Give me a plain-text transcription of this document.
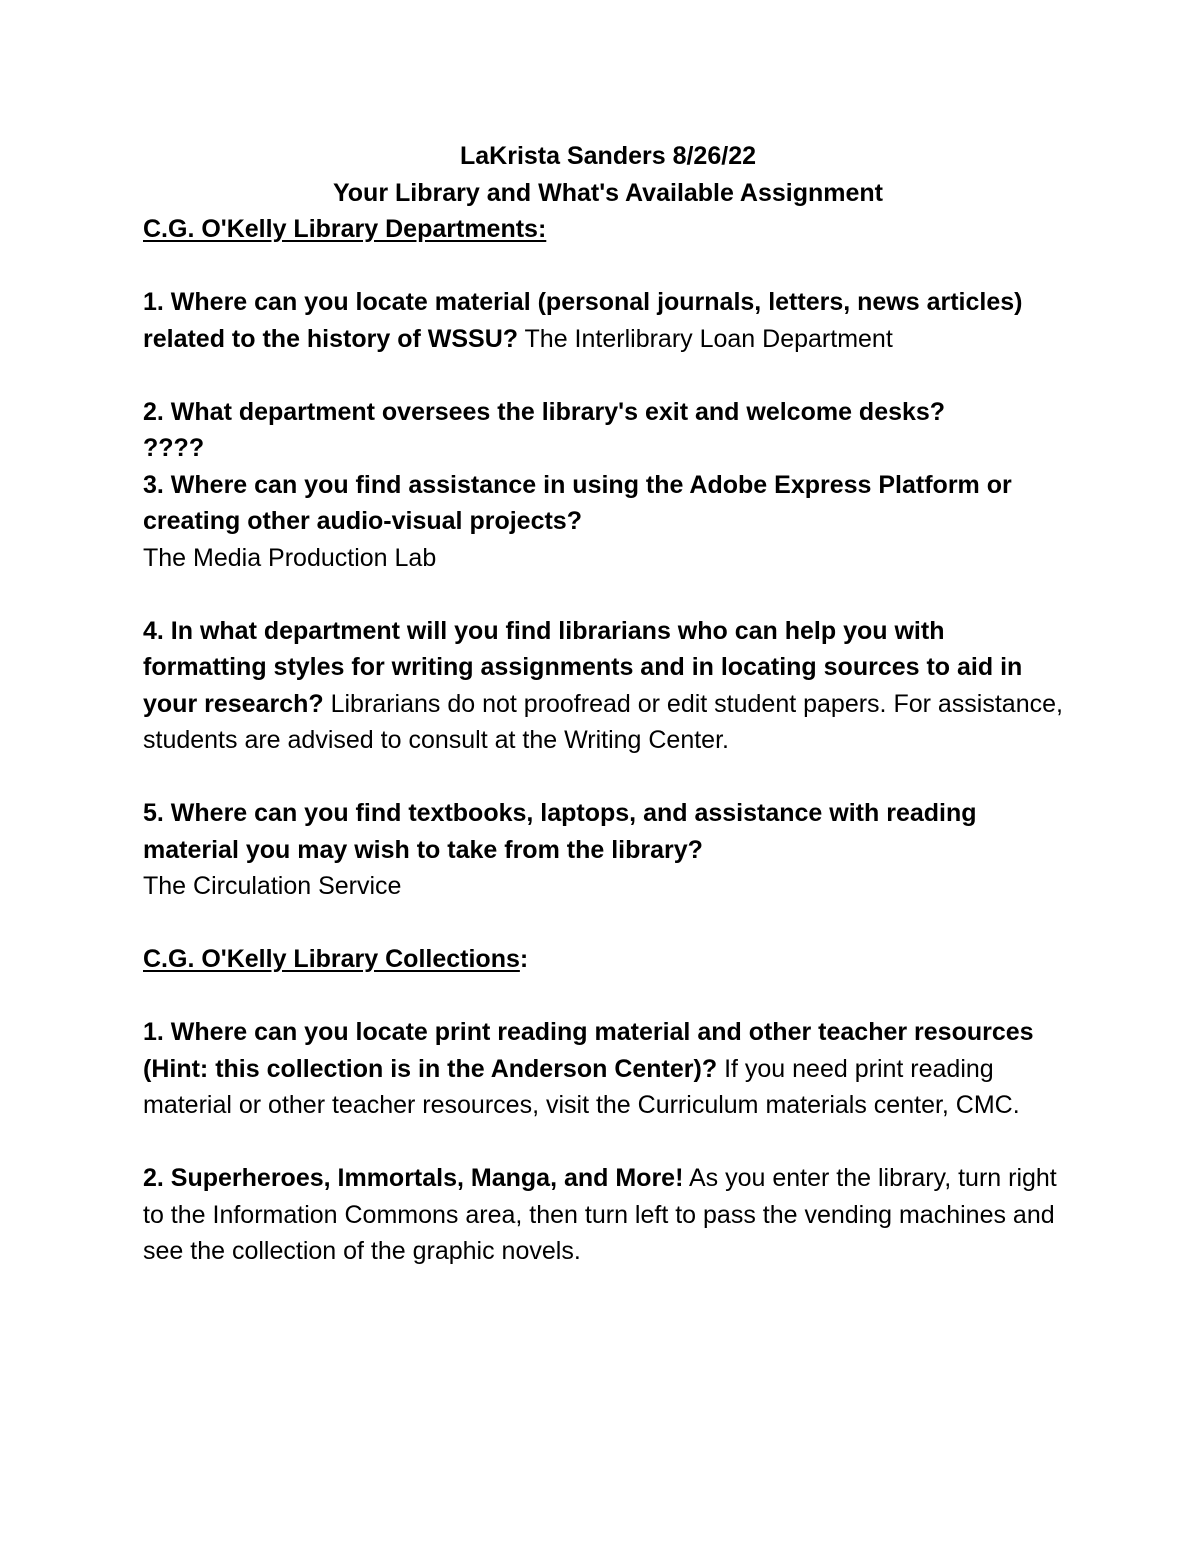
LaKrista Sanders 8/26/22

Your Library and What's Available Assignment

C.G. O'Kelly Library Departments:

1. Where can you locate material (personal journals, letters, news articles) related to the history of WSSU? The Interlibrary Loan Department

2. What department oversees the library's exit and welcome desks?
????

3. Where can you find assistance in using the Adobe Express Platform or creating other audio-visual projects?
The Media Production Lab

4. In what department will you find librarians who can help you with formatting styles for writing assignments and in locating sources to aid in your research? Librarians do not proofread or edit student papers. For assistance, students are advised to consult at the Writing Center.

5. Where can you find textbooks, laptops, and assistance with reading material you may wish to take from the library?
The Circulation Service

C.G. O'Kelly Library Collections:

1. Where can you locate print reading material and other teacher resources (Hint: this collection is in the Anderson Center)? If you need print reading material or other teacher resources, visit the Curriculum materials center, CMC.

2. Superheroes, Immortals, Manga, and More! As you enter the library, turn right to the Information Commons area, then turn left to pass the vending machines and see the collection of the graphic novels.
